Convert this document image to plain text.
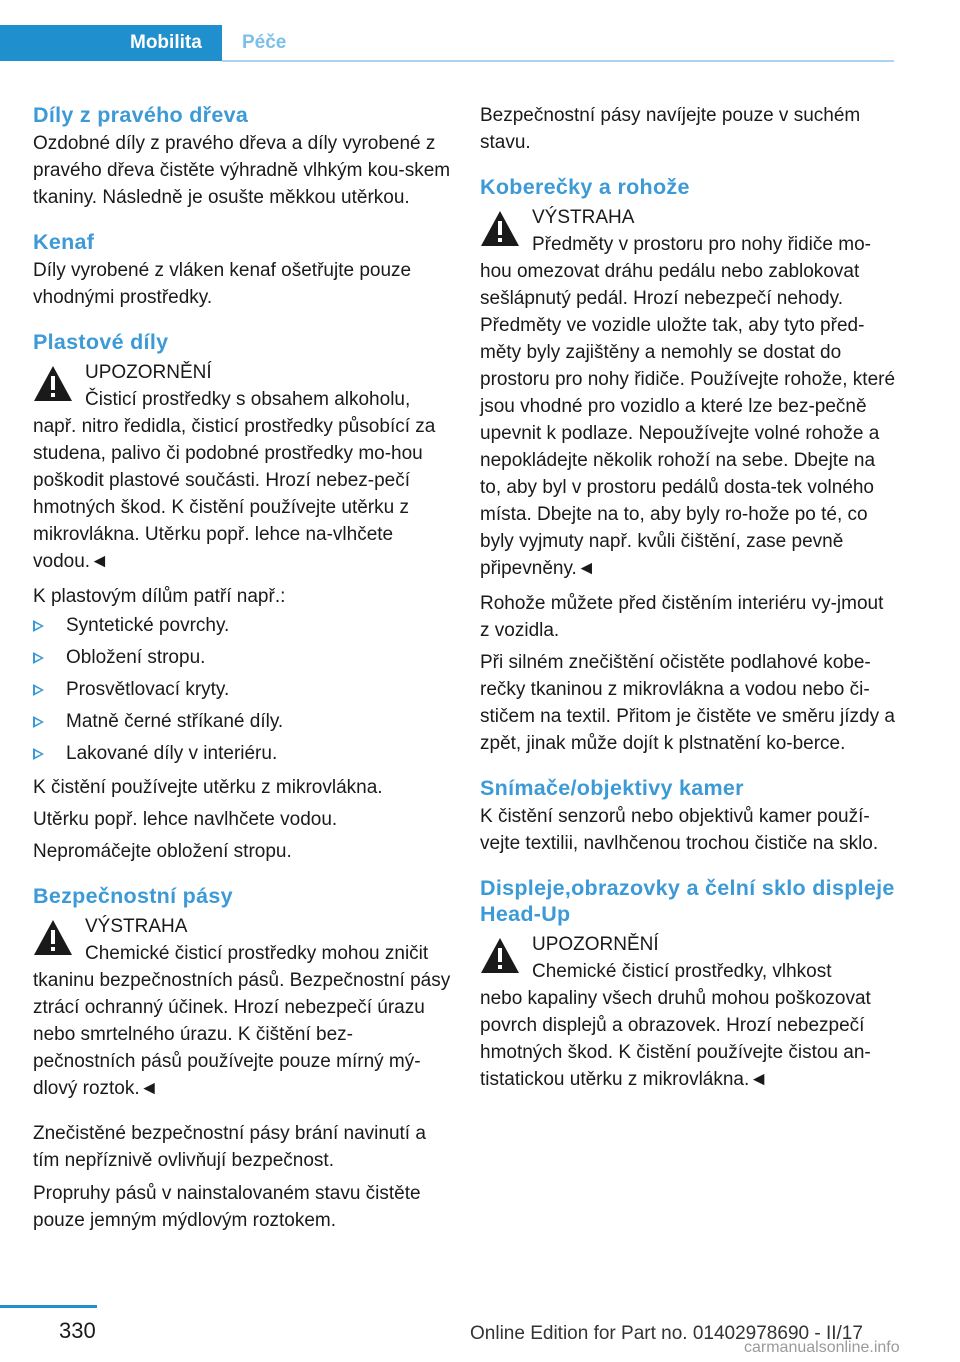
Mobilita	Péče
Díly z pravého dřeva

Ozdobné díly z pravého dřeva a díly vyrobené z pravého dřeva čistěte výhradně vlhkým kou‐skem tkaniny. Následně je osušte měkkou utěrkou.

Kenaf

Díly vyrobené z vláken kenaf ošetřujte pouze vhodnými prostředky.

Plastové díly
UPOZORNĚNÍ
Čisticí prostředky s obsahem alkoholu,
např. nitro ředidla, čisticí prostředky působící za studena, palivo či podobné prostředky mo‐hou poškodit plastové součásti. Hrozí nebez‐pečí hmotných škod. K čistění používejte utěrku z mikrovlákna. Utěrku popř. lehce na‐vlhčete vodou.◄

K plastovým dílům patří např.:

Syntetické povrchy.
Obložení stropu.
Prosvětlovací kryty.
Matně černé stříkané díly.
Lakované díly v interiéru.

K čistění používejte utěrku z mikrovlákna.

Utěrku popř. lehce navlhčete vodou.

Nepromáčejte obložení stropu.

Bezpečnostní pásy
VÝSTRAHA
Chemické čisticí prostředky mohou zničit
tkaninu bezpečnostních pásů. Bezpečnostní pásy ztrácí ochranný účinek. Hrozí nebezpečí úrazu nebo smrtelného úrazu. K čištění bez‐pečnostních pásů používejte pouze mírný mý‐dlový roztok.◄

Znečistěné bezpečnostní pásy brání navinutí a tím nepříznivě ovlivňují bezpečnost.

Propruhy pásů v nainstalovaném stavu čistěte pouze jemným mýdlovým roztokem.

Bezpečnostní pásy navíjejte pouze v suchém stavu.

Koberečky a rohože
VÝSTRAHA
Předměty v prostoru pro nohy řidiče mo‐
hou omezovat dráhu pedálu nebo zablokovat sešlápnutý pedál. Hrozí nebezpečí nehody. Předměty ve vozidle uložte tak, aby tyto před‐měty byly zajištěny a nemohly se dostat do prostoru pro nohy řidiče. Používejte rohože, které jsou vhodné pro vozidlo a které lze bez‐pečně upevnit k podlaze. Nepoužívejte volné rohože a nepokládejte několik rohoží na sebe. Dbejte na to, aby byl v prostoru pedálů dosta‐tek volného místa. Dbejte na to, aby byly ro‐hože po té, co byly vyjmuty např. kvůli čištění, zase pevně připevněny.◄

Rohože můžete před čistěním interiéru vy‐jmout z vozidla.

Při silném znečištění očistěte podlahové kobe‐rečky tkaninou z mikrovlákna a vodou nebo či‐stičem na textil. Přitom je čistěte ve směru jízdy a zpět, jinak může dojít k plstnatění ko‐berce.

Snímače/objektivy kamer

K čistění senzorů nebo objektivů kamer použí‐vejte textilii, navlhčenou trochou čističe na sklo.

Displeje,obrazovky a čelní sklo displeje Head-Up
UPOZORNĚNÍ
Chemické čisticí prostředky, vlhkost
nebo kapaliny všech druhů mohou poškozovat povrch displejů a obrazovek. Hrozí nebezpečí hmotných škod. K čistění používejte čistou an‐tistatickou utěrku z mikrovlákna.◄
330	Online Edition for Part no. 01402978690 - II/17
carmanualsonline.info
